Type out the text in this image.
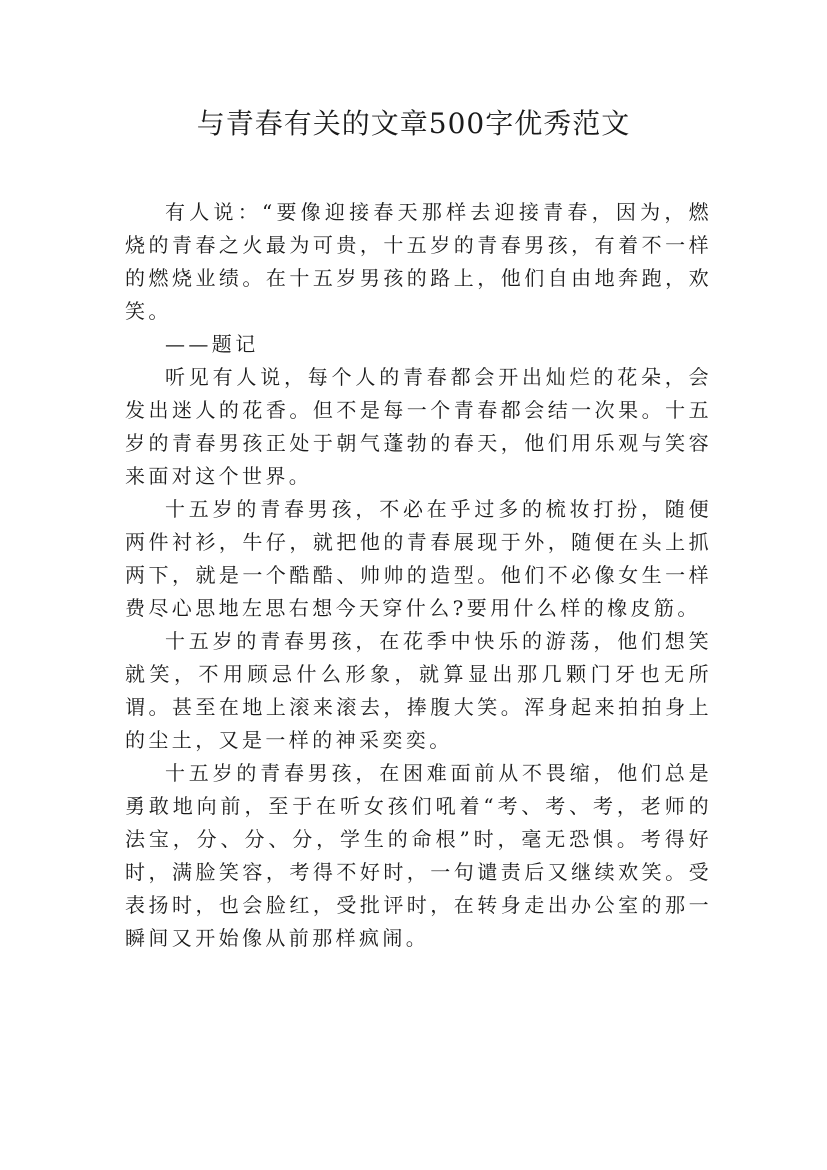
与青春有关的文章500字优秀范文

有人说：“要像迎接春天那样去迎接青春，因为，燃烧的青春之火最为可贵，十五岁的青春男孩，有着不一样的燃烧业绩。在十五岁男孩的路上，他们自由地奔跑，欢笑。

——题记

听见有人说，每个人的青春都会开出灿烂的花朵，会发出迷人的花香。但不是每一个青春都会结一次果。十五岁的青春男孩正处于朝气蓬勃的春天，他们用乐观与笑容来面对这个世界。

十五岁的青春男孩，不必在乎过多的梳妆打扮，随便两件衬衫，牛仔，就把他的青春展现于外，随便在头上抓两下，就是一个酷酷、帅帅的造型。他们不必像女生一样费尽心思地左思右想今天穿什么?要用什么样的橡皮筋。

十五岁的青春男孩，在花季中快乐的游荡，他们想笑就笑，不用顾忌什么形象，就算显出那几颗门牙也无所谓。甚至在地上滚来滚去，捧腹大笑。浑身起来拍拍身上的尘土，又是一样的神采奕奕。

十五岁的青春男孩，在困难面前从不畏缩，他们总是勇敢地向前，至于在听女孩们吼着“考、考、考，老师的法宝，分、分、分，学生的命根”时，毫无恐惧。考得好时，满脸笑容，考得不好时，一句谴责后又继续欢笑。受表扬时，也会脸红，受批评时，在转身走出办公室的那一瞬间又开始像从前那样疯闹。
